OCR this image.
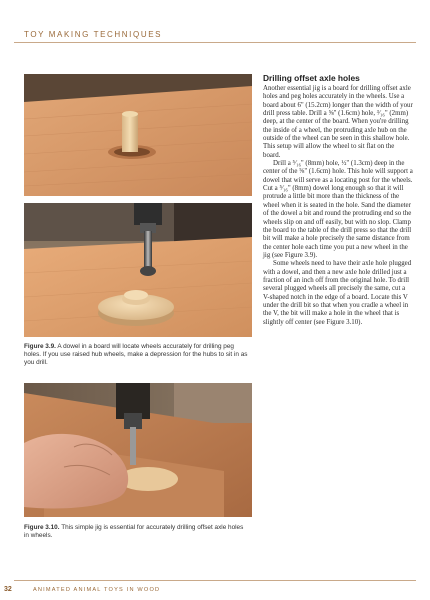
TOY MAKING TECHNIQUES
Figure 3.9. A dowel in a board will locate wheels accurately for drilling peg holes. If you use raised hub wheels, make a depression for the hubs to sit in as you drill.
Figure 3.10. This simple jig is essential for accurately drilling offset axle holes in wheels.
Drilling offset axle holes

Another essential jig is a board for drilling offset axle holes and peg holes accurately in the wheels. Use a board about 6" (15.2cm) longer than the width of your drill press table. Drill a ⅝" (1.6cm) hole, ³⁄₁₆" (2mm) deep, at the center of the board. When you're drilling the inside of a wheel, the protruding axle hub on the outside of the wheel can be seen in this shallow hole. This setup will allow the wheel to sit flat on the board.

Drill a ⁵⁄₁₆" (8mm) hole, ½" (1.3cm) deep in the center of the ⅝" (1.6cm) hole. This hole will support a dowel that will serve as a locating post for the wheels. Cut a ⁵⁄₁₆" (8mm) dowel long enough so that it will protrude a little bit more than the thickness of the wheel when it is seated in the hole. Sand the diameter of the dowel a bit and round the protruding end so the wheels slip on and off easily, but with no slop. Clamp the board to the table of the drill press so that the drill bit will make a hole precisely the same distance from the center hole each time you put a new wheel in the jig (see Figure 3.9).

Some wheels need to have their axle hole plugged with a dowel, and then a new axle hole drilled just a fraction of an inch off from the original hole. To drill several plugged wheels all precisely the same, cut a V-shaped notch in the edge of a board. Locate this V under the drill bit so that when you cradle a wheel in the V, the bit will make a hole in the wheel that is slightly off center (see Figure 3.10).

32	ANIMATED ANIMAL TOYS IN WOOD
